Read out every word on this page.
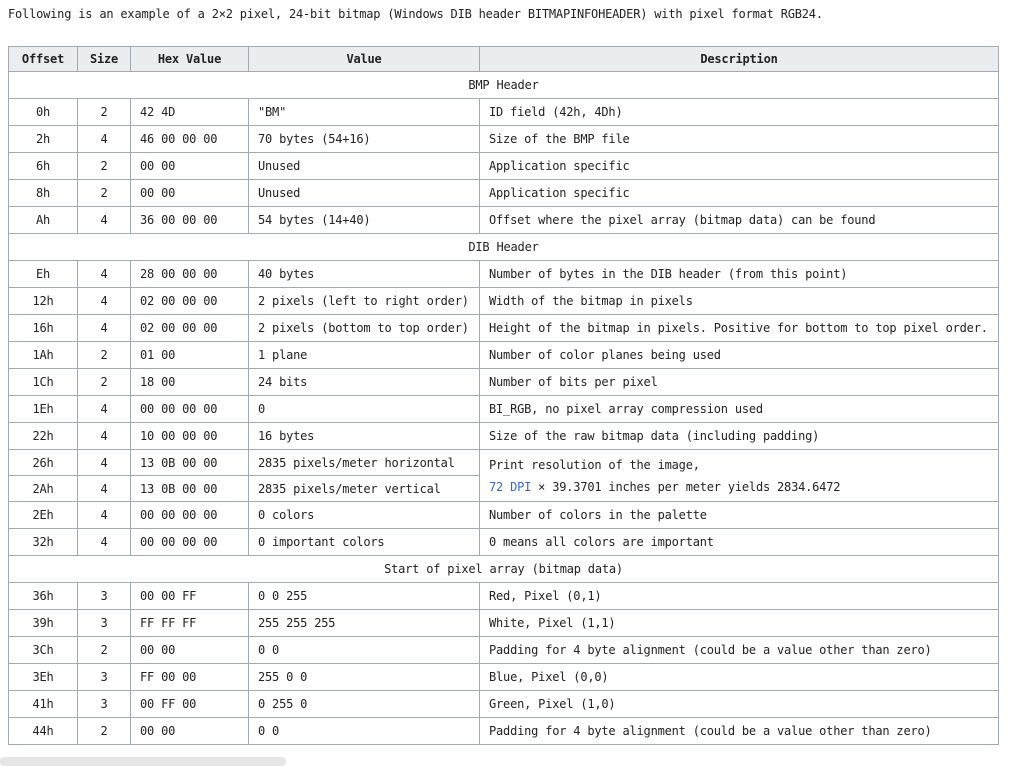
Following is an example of a 2×2 pixel, 24-bit bitmap (Windows DIB header BITMAPINFOHEADER) with pixel format RGB24.
Offset	Size	Hex Value	Value	Description
BMP Header				
0h	2	42 4D	"BM"	ID field (42h, 4Dh)
2h	4	46 00 00 00	70 bytes (54+16)	Size of the BMP file
6h	2	00 00	Unused	Application specific
8h	2	00 00	Unused	Application specific
Ah	4	36 00 00 00	54 bytes (14+40)	Offset where the pixel array (bitmap data) can be found
DIB Header				
Eh	4	28 00 00 00	40 bytes	Number of bytes in the DIB header (from this point)
12h	4	02 00 00 00	2 pixels (left to right order)	Width of the bitmap in pixels
16h	4	02 00 00 00	2 pixels (bottom to top order)	Height of the bitmap in pixels. Positive for bottom to top pixel order.
1Ah	2	01 00	1 plane	Number of color planes being used
1Ch	2	18 00	24 bits	Number of bits per pixel
1Eh	4	00 00 00 00	0	BI_RGB, no pixel array compression used
22h	4	10 00 00 00	16 bytes	Size of the raw bitmap data (including padding)
26h	4	13 0B 00 00	2835 pixels/meter horizontal	Print resolution of the image,
72 DPI × 39.3701 inches per meter yields 2834.6472

2Ah	4	13 0B 00 00	2835 pixels/meter vertical	
2Eh	4	00 00 00 00	0 colors	Number of colors in the palette
32h	4	00 00 00 00	0 important colors	0 means all colors are important
Start of pixel array (bitmap data)				
36h	3	00 00 FF	0 0 255	Red, Pixel (0,1)
39h	3	FF FF FF	255 255 255	White, Pixel (1,1)
3Ch	2	00 00	0 0	Padding for 4 byte alignment (could be a value other than zero)
3Eh	3	FF 00 00	255 0 0	Blue, Pixel (0,0)
41h	3	00 FF 00	0 255 0	Green, Pixel (1,0)
44h	2	00 00	0 0	Padding for 4 byte alignment (could be a value other than zero)
